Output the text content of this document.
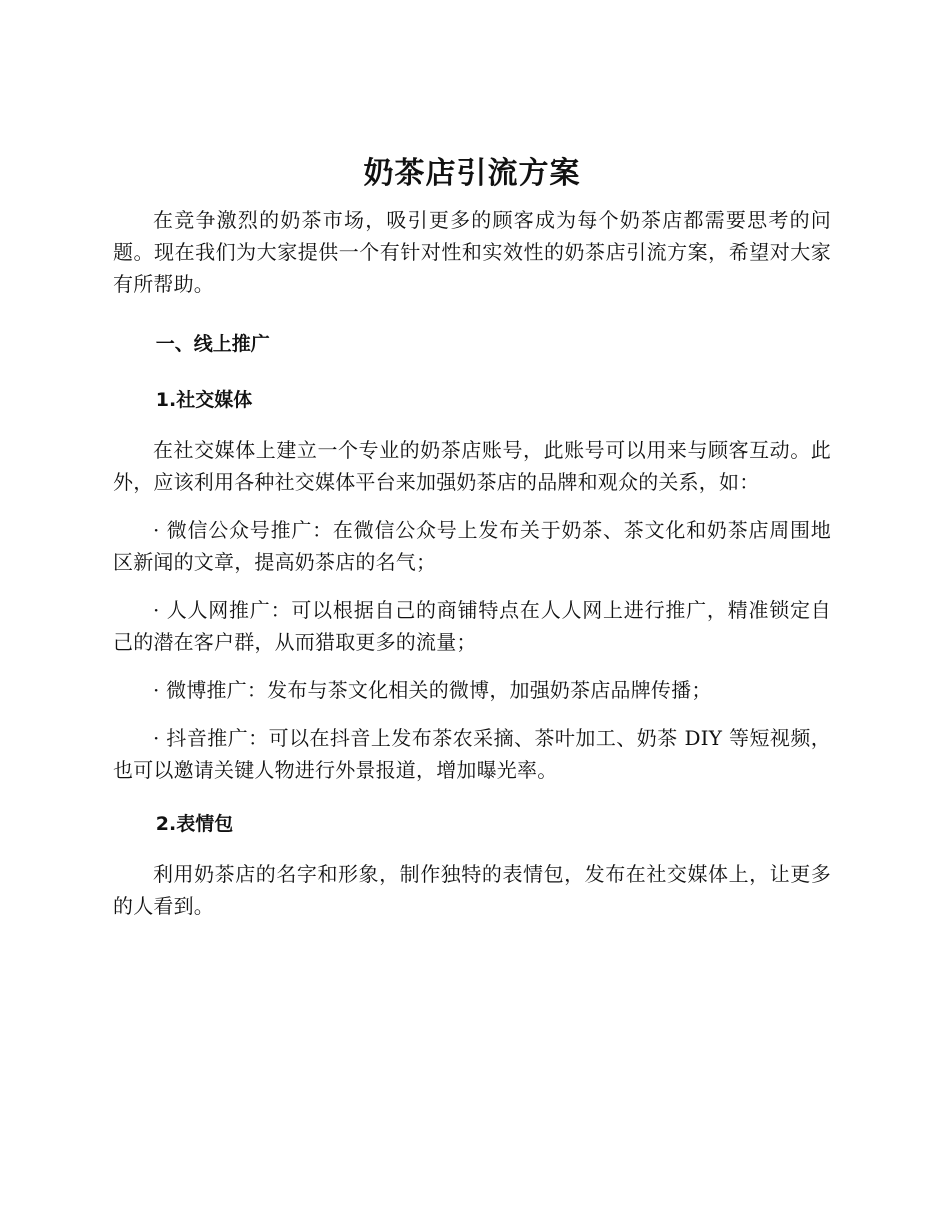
奶茶店引流方案

在竞争激烈的奶茶市场，吸引更多的顾客成为每个奶茶店都需要思考的问题。现在我们为大家提供一个有针对性和实效性的奶茶店引流方案，希望对大家有所帮助。

一、线上推广
1.社交媒体

在社交媒体上建立一个专业的奶茶店账号，此账号可以用来与顾客互动。此外，应该利用各种社交媒体平台来加强奶茶店的品牌和观众的关系，如：

· 微信公众号推广：在微信公众号上发布关于奶茶、茶文化和奶茶店周围地区新闻的文章，提高奶茶店的名气；

· 人人网推广：可以根据自己的商铺特点在人人网上进行推广，精准锁定自己的潜在客户群，从而猎取更多的流量；

· 微博推广：发布与茶文化相关的微博，加强奶茶店品牌传播；

· 抖音推广：可以在抖音上发布茶农采摘、茶叶加工、奶茶 DIY 等短视频，也可以邀请关键人物进行外景报道，增加曝光率。

2.表情包

利用奶茶店的名字和形象，制作独特的表情包，发布在社交媒体上，让更多的人看到。
